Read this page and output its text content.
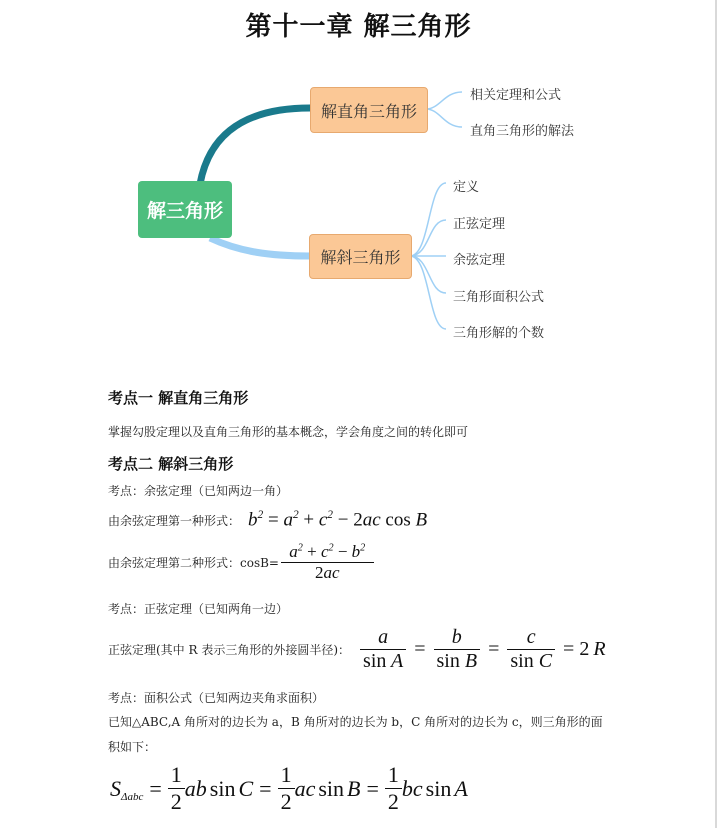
第十一章 解三角形
解三角形
解直角三角形
解斜三角形
相关定理和公式
直角三角形的解法
定义
正弦定理
余弦定理
三角形面积公式
三角形解的个数
考点一 解直角三角形
掌握勾股定理以及直角三角形的基本概念，学会角度之间的转化即可
考点二 解斜三角形
考点：余弦定理（已知两边一角）
由余弦定理第一种形式： $b^2 = a^2 + c^2 - 2ac$ cos B
由余弦定理第二种形式：$\cos B= \frac{a^2 + c^2 - b^2}{2ac}$
考点：正弦定理（已知两角一边）
正弦定理(其中 R 表示三角形的外接圆半径)： $\frac{a}{\text{sin A}} = \frac{b}{\text{sin B}} = \frac{c}{\text{sin C}} = 2$ R
考点：面积公式（已知两边夹角求面积）
已知△ABC,A 角所对的边长为 a，B 角所对的边长为 b，C 角所对的边长为 c，则三角形的面
积如下：
$S_{\Delta abc} = \frac{1}{2}$ ab $\sin C = \frac{1}{2}$ ac $\sin B = \frac{1}{2}$ bc sin A
